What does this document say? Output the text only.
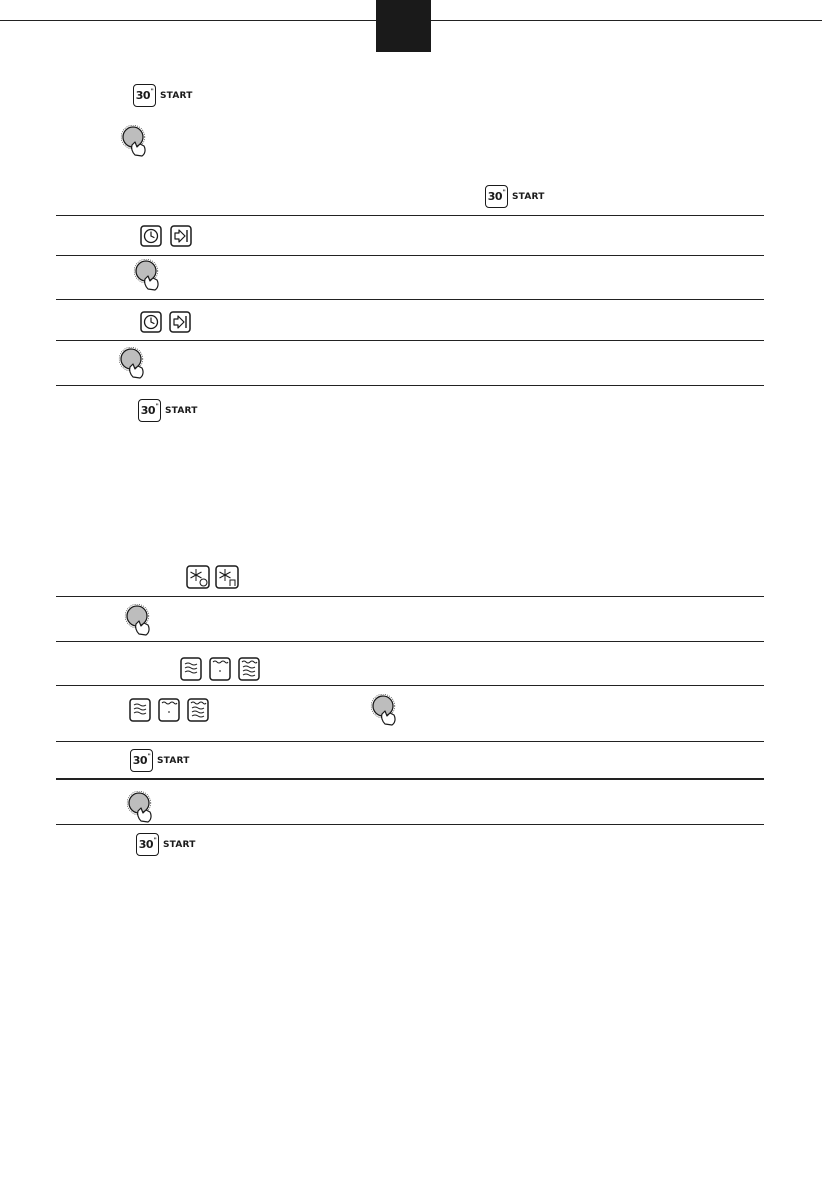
30" START
30" START
30" START
30" START
30" START
